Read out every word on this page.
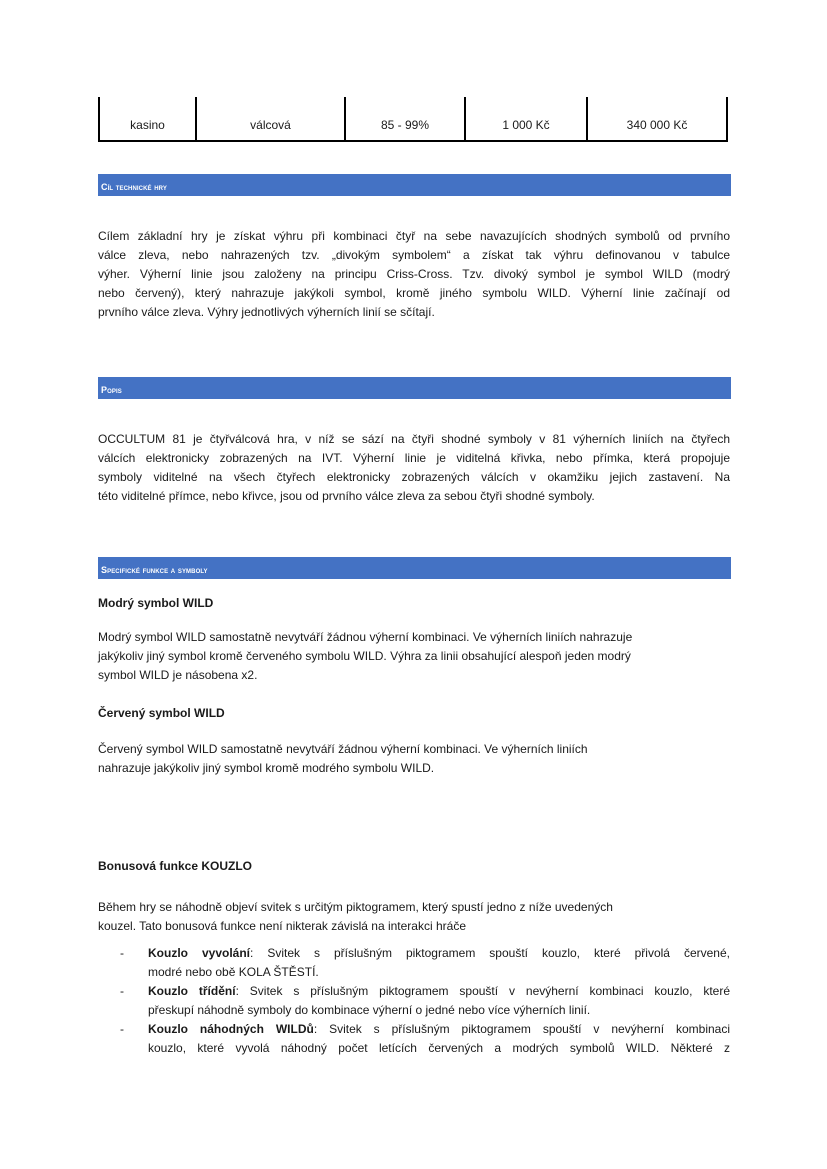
kasino	válcová	85 - 99%	1 000 Kč	340 000 Kč
Cíl technické hry
Cílem základní hry je získat výhru při kombinaci čtyř na sebe navazujících shodných symbolů od prvního
válce zleva, nebo nahrazených tzv. „divokým symbolem“ a získat tak výhru definovanou v tabulce
výher. Výherní linie jsou založeny na principu Criss-Cross. Tzv. divoký symbol je symbol WILD (modrý
nebo červený), který nahrazuje jakýkoli symbol, kromě jiného symbolu WILD. Výherní linie začínají od
prvního válce zleva. Výhry jednotlivých výherních linií se sčítají.
Popis
OCCULTUM 81 je čtyřválcová hra, v níž se sází na čtyři shodné symboly v 81 výherních liniích na čtyřech
válcích elektronicky zobrazených na IVT. Výherní linie je viditelná křivka, nebo přímka, která propojuje
symboly viditelné na všech čtyřech elektronicky zobrazených válcích v okamžiku jejich zastavení. Na
této viditelné přímce, nebo křivce, jsou od prvního válce zleva za sebou čtyři shodné symboly.
Specifické funkce a symboly
Modrý symbol WILD
Modrý symbol WILD samostatně nevytváří žádnou výherní kombinaci. Ve výherních liniích nahrazuje
jakýkoliv jiný symbol kromě červeného symbolu WILD. Výhra za linii obsahující alespoň jeden modrý
symbol WILD je násobena x2.
Červený symbol WILD
Červený symbol WILD samostatně nevytváří žádnou výherní kombinaci. Ve výherních liniích
nahrazuje jakýkoliv jiný symbol kromě modrého symbolu WILD.
Bonusová funkce KOUZLO
Během hry se náhodně objeví svitek s určitým piktogramem, který spustí jedno z níže uvedených
kouzel. Tato bonusová funkce není nikterak závislá na interakci hráče
- Kouzlo vyvolání: Svitek s příslušným piktogramem spouští kouzlo, které přivolá červené,
modré nebo obě KOLA ŠTĚSTÍ.
- Kouzlo třídění: Svitek s příslušným piktogramem spouští v nevýherní kombinaci kouzlo, které
přeskupí náhodně symboly do kombinace výherní o jedné nebo více výherních linií.
- Kouzlo náhodných WILDů: Svitek s příslušným piktogramem spouští v nevýherní kombinaci
kouzlo, které vyvolá náhodný počet letících červených a modrých symbolů WILD. Některé z
